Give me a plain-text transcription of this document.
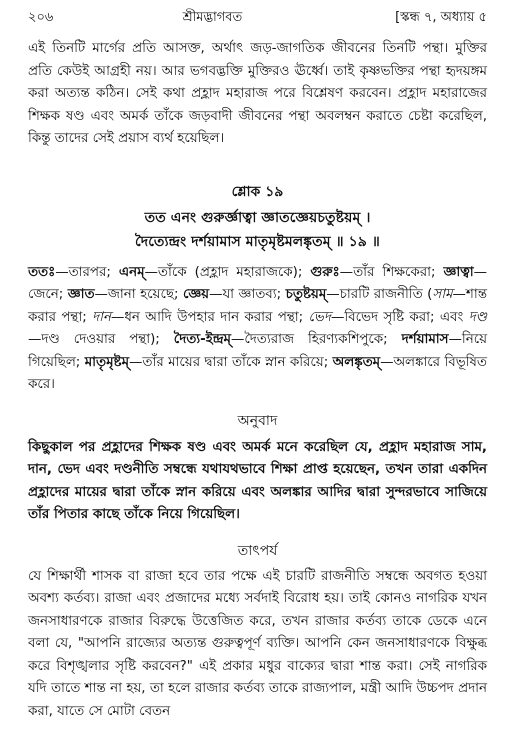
২০৬	শ্রীমদ্ভাগবত	[স্কন্ধ ৭, অধ্যায় ৫

এই তিনটি মার্গের প্রতি আসক্ত, অর্থাৎ জড়-জাগতিক জীবনের তিনটি পন্থা। মুক্তির প্রতি কেউই আগ্রহী নয়। আর ভগবদ্ভক্তি মুক্তিরও ঊর্ধ্বে। তাই কৃষ্ণভক্তির পন্থা হৃদয়ঙ্গম করা অত্যন্ত কঠিন। সেই কথা প্রহ্লাদ মহারাজ পরে বিশ্লেষণ করবেন। প্রহ্লাদ মহারাজের শিক্ষক ষণ্ড এবং অমর্ক তাঁকে জড়বাদী জীবনের পন্থা অবলম্বন করাতে চেষ্টা করেছিল, কিন্তু তাদের সেই প্রয়াস ব্যর্থ হয়েছিল।

শ্লোক ১৯

তত এনং গুরুর্জ্ঞাত্বা জ্ঞাতজ্ঞেয়চতুষ্টয়ম্ ।

দৈত্যেন্দ্রং দর্শয়ামাস মাতৃমৃষ্টমলঙ্কৃতম্ ॥ ১৯ ॥

ততঃ—তারপর; এনম্—তাঁকে (প্রহ্লাদ মহারাজকে); গুরুঃ—তাঁর শিক্ষকেরা; জ্ঞাত্বা—জেনে; জ্ঞাত—জানা হয়েছে; জ্ঞেয়—যা জ্ঞাতব্য; চতুষ্টয়ম্—চারটি রাজনীতি (সাম—শান্ত করার পন্থা; দান—ধন আদি উপহার দান করার পন্থা; ভেদ—বিভেদ সৃষ্টি করা; এবং দণ্ড—দণ্ড দেওয়ার পন্থা); দৈত্য-ইন্দ্রম্—দৈত্যরাজ হিরণ্যকশিপুকে; দর্শয়ামাস—নিয়ে গিয়েছিল; মাতৃমৃষ্টম্—তাঁর মায়ের দ্বারা তাঁকে স্নান করিয়ে; অলঙ্কৃতম্—অলঙ্কারে বিভূষিত করে।

অনুবাদ

কিছুকাল পর প্রহ্লাদের শিক্ষক ষণ্ড এবং অমর্ক মনে করেছিল যে, প্রহ্লাদ মহারাজ সাম, দান, ভেদ এবং দণ্ডনীতি সম্বন্ধে যথাযথভাবে শিক্ষা প্রাপ্ত হয়েছেন, তখন তারা একদিন প্রহ্লাদের মায়ের দ্বারা তাঁকে স্নান করিয়ে এবং অলঙ্কার আদির দ্বারা সুন্দরভাবে সাজিয়ে তাঁর পিতার কাছে তাঁকে নিয়ে গিয়েছিল।

তাৎপর্য

যে শিক্ষার্থী শাসক বা রাজা হবে তার পক্ষে এই চারটি রাজনীতি সম্বন্ধে অবগত হওয়া অবশ্য কর্তব্য। রাজা এবং প্রজাদের মধ্যে সর্বদাই বিরোধ হয়। তাই কোনও নাগরিক যখন জনসাধারণকে রাজার বিরুদ্ধে উত্তেজিত করে, তখন রাজার কর্তব্য তাকে ডেকে এনে বলা যে, "আপনি রাজ্যের অত্যন্ত গুরুত্বপূর্ণ ব্যক্তি। আপনি কেন জনসাধারণকে বিক্ষুব্ধ করে বিশৃঙ্খলার সৃষ্টি করবেন?" এই প্রকার মধুর বাক্যের দ্বারা শান্ত করা। সেই নাগরিক যদি তাতে শান্ত না হয়, তা হলে রাজার কর্তব্য তাকে রাজ্যপাল, মন্ত্রী আদি উচ্চপদ প্রদান করা, যাতে সে মোটা বেতন
